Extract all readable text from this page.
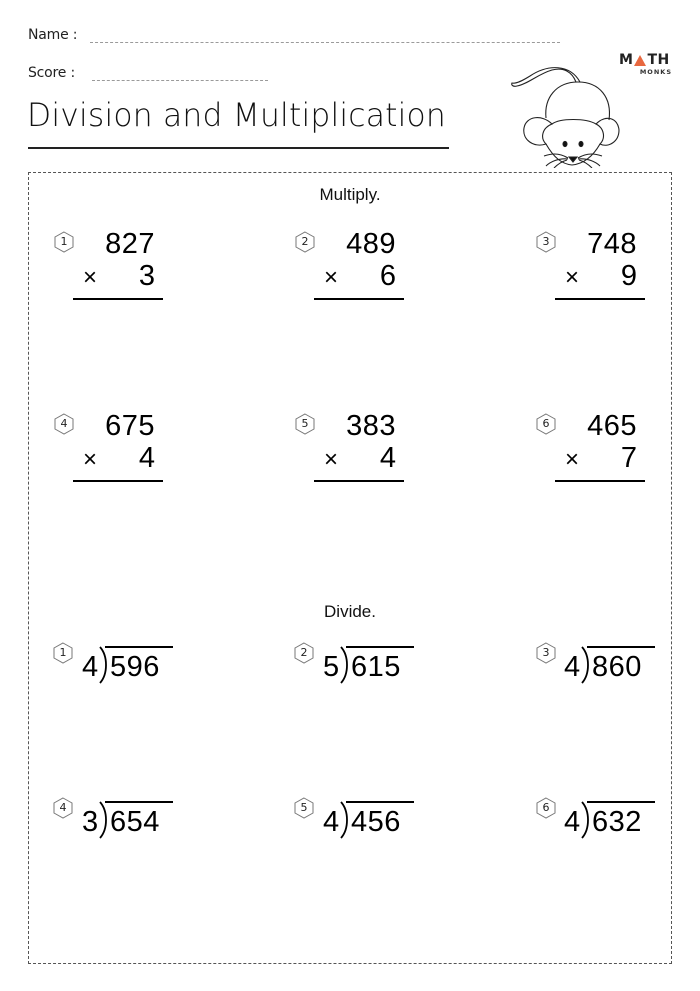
Name :
Score :
Division and Multiplication
M TH
MONKS
Multiply.
1 827
× 3
2 489
× 6
3 748
× 9
4 675
× 4
5 383
× 4
6 465
× 7
Divide.
1 4 596	2 5 615	3 4 860
4 3 654	5 4 456	6 4 632
